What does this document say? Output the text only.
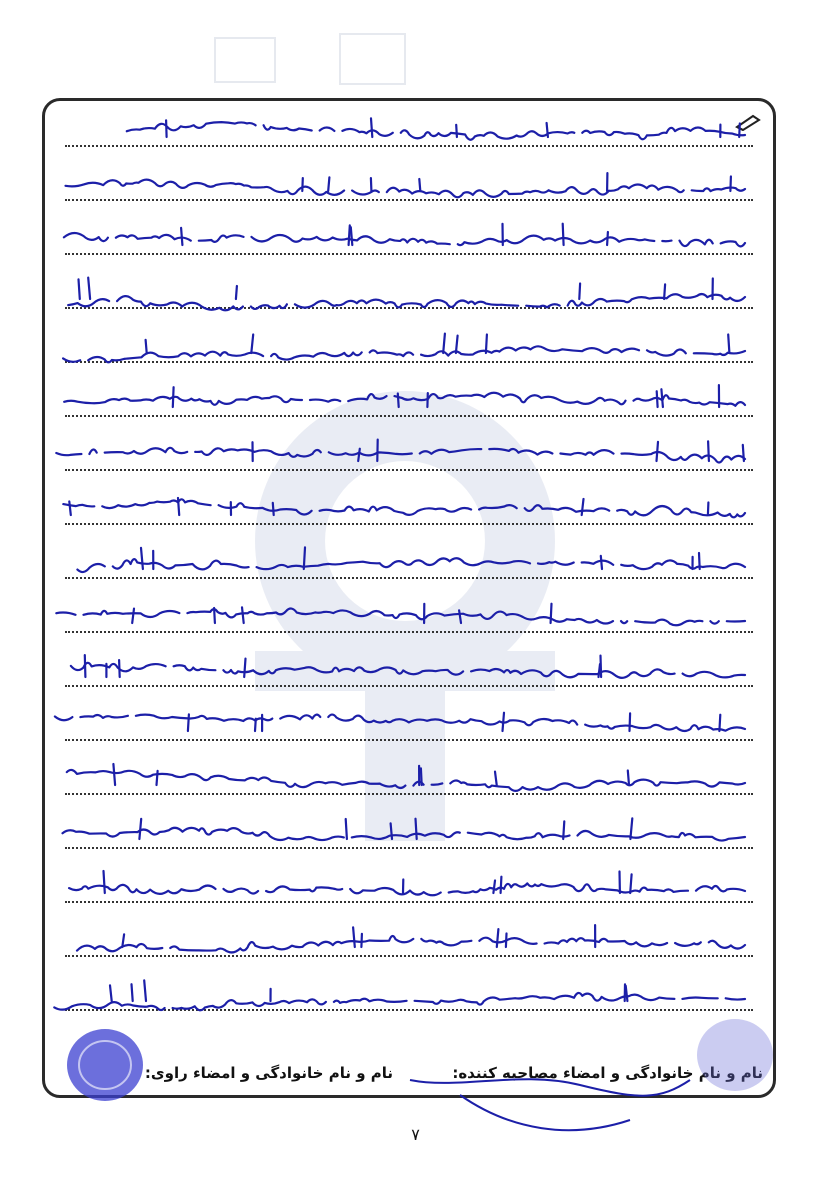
نام و نام خانوادگی و امضاء مصاحبه کننده:
نام و نام خانوادگی و امضاء راوی:
۷
